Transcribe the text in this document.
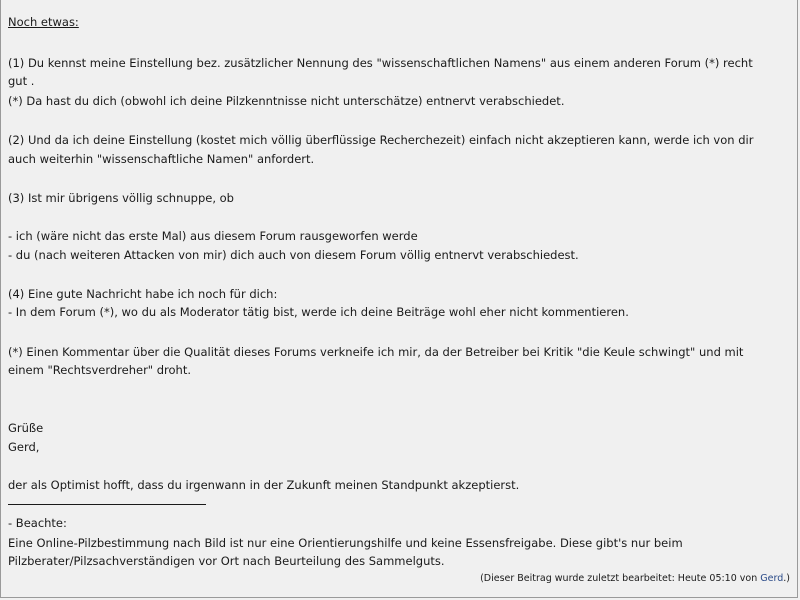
Noch etwas:
(1) Du kennst meine Einstellung bez. zusätzlicher Nennung des "wissenschaftlichen Namens" aus einem anderen Forum (*) recht
gut .
(*) Da hast du dich (obwohl ich deine Pilzkenntnisse nicht unterschätze) entnervt verabschiedet.
(2) Und da ich deine Einstellung (kostet mich völlig überflüssige Recherchezeit) einfach nicht akzeptieren kann, werde ich von dir
auch weiterhin "wissenschaftliche Namen" anfordert.
(3) Ist mir übrigens völlig schnuppe, ob
- ich (wäre nicht das erste Mal) aus diesem Forum rausgeworfen werde
- du (nach weiteren Attacken von mir) dich auch von diesem Forum völlig entnervt verabschiedest.
(4) Eine gute Nachricht habe ich noch für dich:
- In dem Forum (*), wo du als Moderator tätig bist, werde ich deine Beiträge wohl eher nicht kommentieren.
(*) Einen Kommentar über die Qualität dieses Forums verkneife ich mir, da der Betreiber bei Kritik "die Keule schwingt" und mit
einem "Rechtsverdreher" droht.
Grüße
Gerd,
der als Optimist hofft, dass du irgenwann in der Zukunft meinen Standpunkt akzeptierst.
- Beachte:
Eine Online-Pilzbestimmung nach Bild ist nur eine Orientierungshilfe und keine Essensfreigabe. Diese gibt's nur beim
Pilzberater/Pilzsachverständigen vor Ort nach Beurteilung des Sammelguts.
(Dieser Beitrag wurde zuletzt bearbeitet: Heute 05:10 von Gerd.)
